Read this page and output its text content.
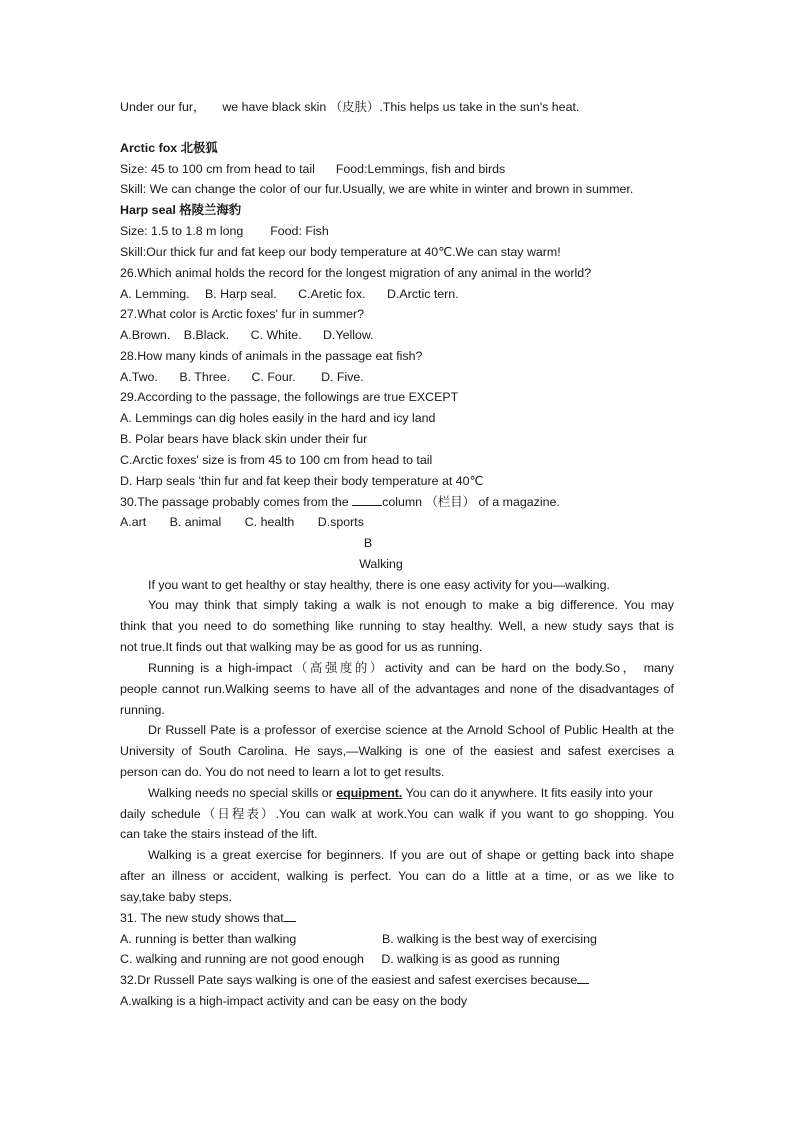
Under our fur， we have black skin （皮肤）.This helps us take in the sun's heat.
Arctic fox 北极狐
Size: 45 to 100 cm from head to tail Food:Lemmings, fish and birds
Skill: We can change the color of our fur.Usually, we are white in winter and brown in summer.
Harp seal 格陵兰海豹
Size: 1.5 to 1.8 m long Food: Fish
Skill:Our thick fur and fat keep our body temperature at 40℃.We can stay warm!
26.Which animal holds the record for the longest migration of any animal in the world?
A. Lemming. B. Harp seal. C.Aretic fox. D.Arctic tern.
27.What color is Arctic foxes' fur in summer?
A.Brown. B.Black. C. White. D.Yellow.
28.How many kinds of animals in the passage eat fish?
A.Two. B. Three. C. Four. D. Five.
29.According to the passage, the followings are true EXCEPT
A. Lemmings can dig holes easily in the hard and icy land
B. Polar bears have black skin under their fur
C.Arctic foxes' size is from 45 to 100 cm from head to tail
D. Harp seals 'thin fur and fat keep their body temperature at 40℃
30.The passage probably comes from the	column （栏目） of a magazine.
A.art B. animal C. health D.sports
B
Walking
If you want to get healthy or stay healthy, there is one easy activity for you—walking.
You may think that simply taking a walk is not enough to make a big difference. You may
think that you need to do something like running to stay healthy. Well, a new study says that is
not true.It finds out that walking may be as good for us as running.
Running is a high-impact（高强度的）activity and can be hard on the body.So， many
people cannot run.Walking seems to have all of the advantages and none of the disadvantages of
running.
Dr Russell Pate is a professor of exercise science at the Arnold School of Public Health at the
University of South Carolina. He says,—Walking is one of the easiest and safest exercises a
person can do. You do not need to learn a lot to get results.
Walking needs no special skills or equipment. You can do it anywhere. It fits easily into your
daily schedule（日程表）.You can walk at work.You can walk if you want to go shopping. You
can take the stairs instead of the lift.
Walking is a great exercise for beginners. If you are out of shape or getting back into shape
after an illness or accident, walking is perfect. You can do a little at a time, or as we like to
say,take baby steps.
31. The new study shows that
A. running is better than walking	B. walking is the best way of exercising
C. walking and running are not good enough D. walking is as good as running
32.Dr Russell Pate says walking is one of the easiest and safest exercises because
A.walking is a high-impact activity and can be easy on the body
